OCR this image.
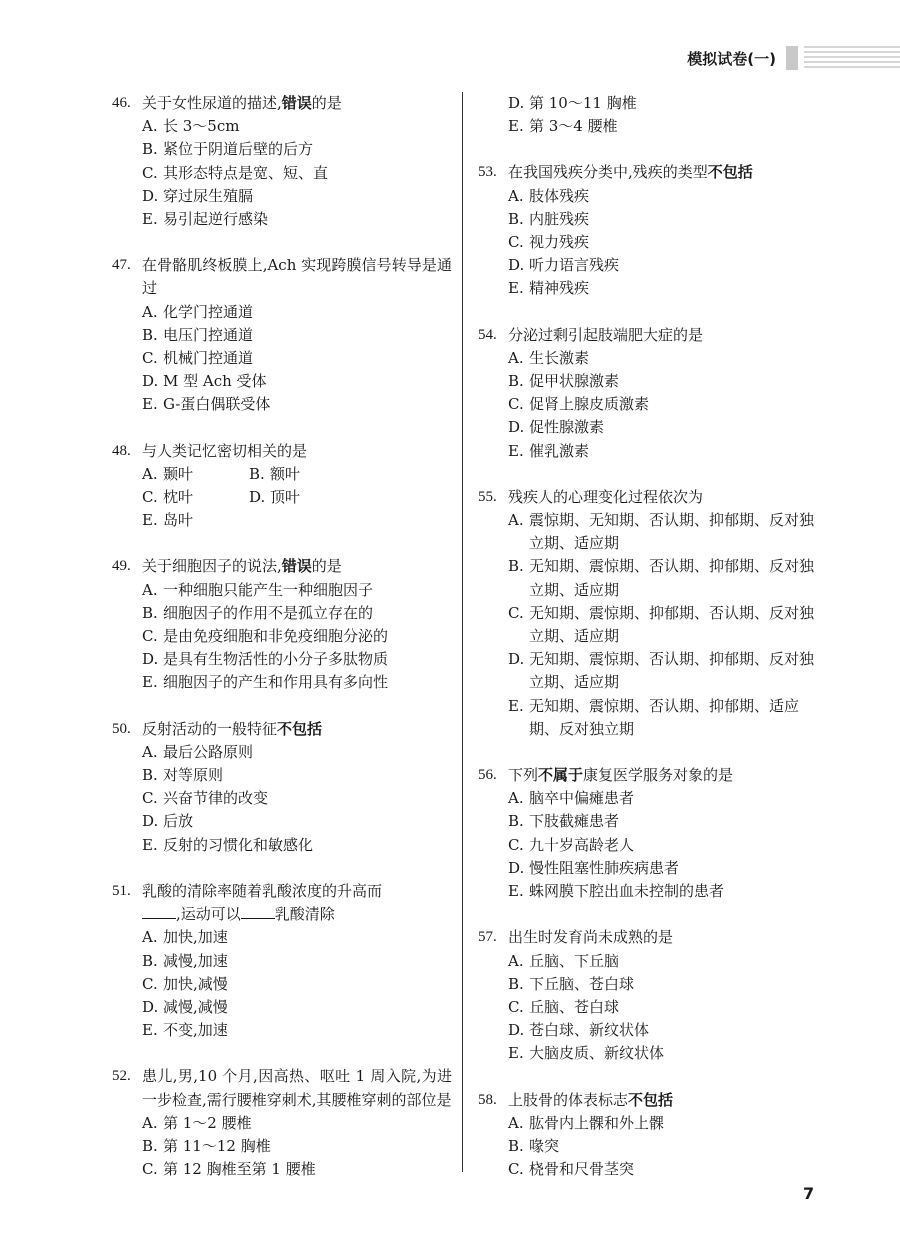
模拟试卷(一)
46. 关于女性尿道的描述,错误的是
A. 长 3～5cm
B. 紧位于阴道后壁的后方
C. 其形态特点是宽、短、直
D. 穿过尿生殖膈
E. 易引起逆行感染
47. 在骨骼肌终板膜上,Ach 实现跨膜信号转导是通过
A. 化学门控通道
B. 电压门控通道
C. 机械门控通道
D. M 型 Ach 受体
E. G-蛋白偶联受体
48. 与人类记忆密切相关的是
A. 颞叶	B. 额叶
C. 枕叶	D. 顶叶
E. 岛叶
49. 关于细胞因子的说法,错误的是
A. 一种细胞只能产生一种细胞因子
B. 细胞因子的作用不是孤立存在的
C. 是由免疫细胞和非免疫细胞分泌的
D. 是具有生物活性的小分子多肽物质
E. 细胞因子的产生和作用具有多向性
50. 反射活动的一般特征不包括
A. 最后公路原则
B. 对等原则
C. 兴奋节律的改变
D. 后放
E. 反射的习惯化和敏感化
51. 乳酸的清除率随着乳酸浓度的升高而
,运动可以 乳酸清除
A. 加快,加速
B. 减慢,加速
C. 加快,减慢
D. 减慢,减慢
E. 不变,加速
52. 患儿,男,10 个月,因高热、呕吐 1 周入院,为进一步检查,需行腰椎穿刺术,其腰椎穿刺的部位是
A. 第 1～2 腰椎
B. 第 11～12 胸椎
C. 第 12 胸椎至第 1 腰椎
D. 第 10～11 胸椎
E. 第 3～4 腰椎
53. 在我国残疾分类中,残疾的类型不包括
A. 肢体残疾
B. 内脏残疾
C. 视力残疾
D. 听力语言残疾
E. 精神残疾
54. 分泌过剩引起肢端肥大症的是
A. 生长激素
B. 促甲状腺激素
C. 促肾上腺皮质激素
D. 促性腺激素
E. 催乳激素
55. 残疾人的心理变化过程依次为
A. 震惊期、无知期、否认期、抑郁期、反对独立期、适应期
B. 无知期、震惊期、否认期、抑郁期、反对独立期、适应期
C. 无知期、震惊期、抑郁期、否认期、反对独立期、适应期
D. 无知期、震惊期、否认期、抑郁期、反对独立期、适应期
E. 无知期、震惊期、否认期、抑郁期、适应期、反对独立期
56. 下列不属于康复医学服务对象的是
A. 脑卒中偏瘫患者
B. 下肢截瘫患者
C. 九十岁高龄老人
D. 慢性阻塞性肺疾病患者
E. 蛛网膜下腔出血未控制的患者
57. 出生时发育尚未成熟的是
A. 丘脑、下丘脑
B. 下丘脑、苍白球
C. 丘脑、苍白球
D. 苍白球、新纹状体
E. 大脑皮质、新纹状体
58. 上肢骨的体表标志不包括
A. 肱骨内上髁和外上髁
B. 喙突
C. 桡骨和尺骨茎突
7
